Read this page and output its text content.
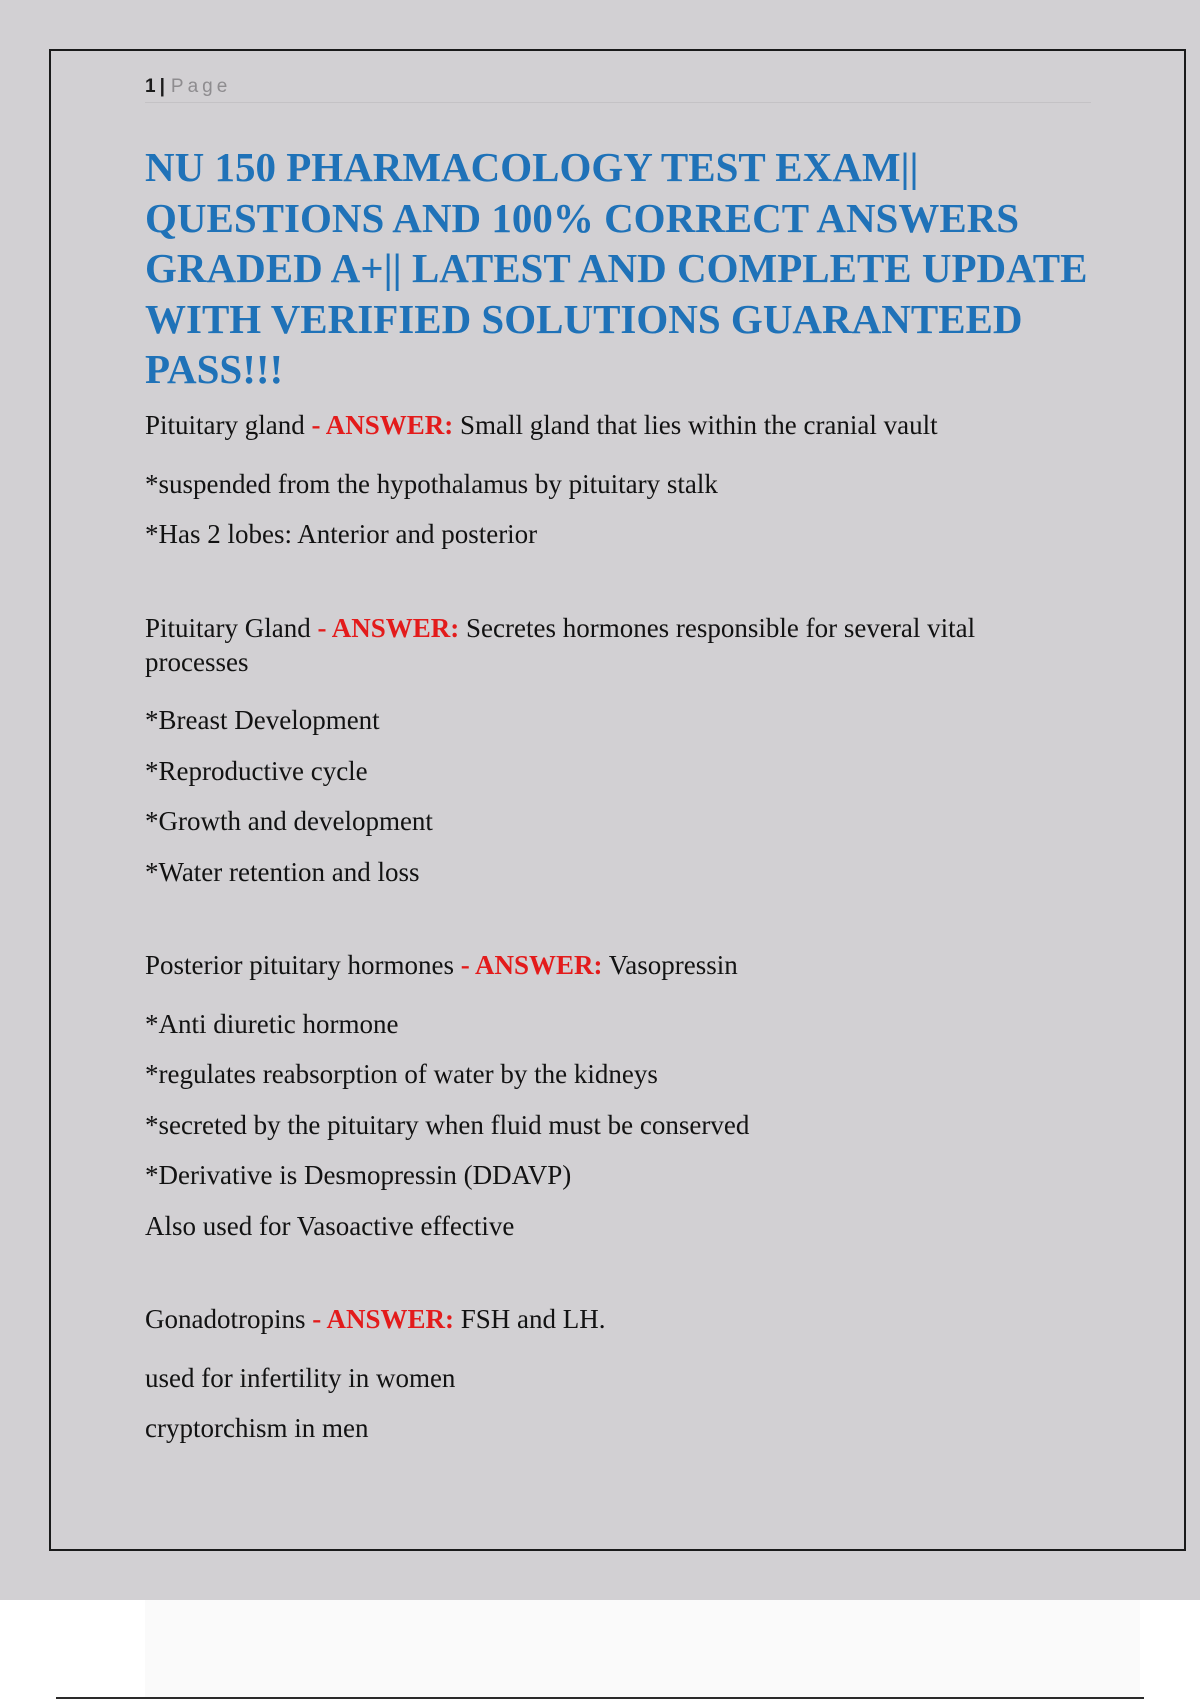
1 | Page
NU 150 PHARMACOLOGY TEST EXAM|| QUESTIONS AND 100% CORRECT ANSWERS GRADED A+|| LATEST AND COMPLETE UPDATE WITH VERIFIED SOLUTIONS GUARANTEED PASS!!!

Pituitary gland - ANSWER: Small gland that lies within the cranial vault

*suspended from the hypothalamus by pituitary stalk

*Has 2 lobes: Anterior and posterior

Pituitary Gland - ANSWER: Secretes hormones responsible for several vital processes

*Breast Development

*Reproductive cycle

*Growth and development

*Water retention and loss

Posterior pituitary hormones - ANSWER: Vasopressin

*Anti diuretic hormone

*regulates reabsorption of water by the kidneys

*secreted by the pituitary when fluid must be conserved

*Derivative is Desmopressin (DDAVP)

Also used for Vasoactive effective

Gonadotropins - ANSWER: FSH and LH.

used for infertility in women

cryptorchism in men
